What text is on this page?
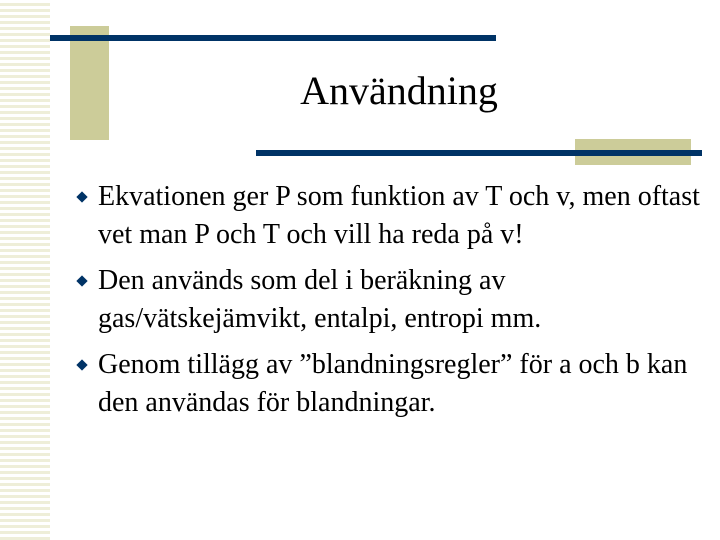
Användning
Ekvationen ger P som funktion av T och v, men oftast vet man P och T och vill ha reda på v!
Den används som del i beräkning av gas/vätskejämvikt, entalpi, entropi mm.
Genom tillägg av ”blandningsregler” för a och b kan den användas för blandningar.
